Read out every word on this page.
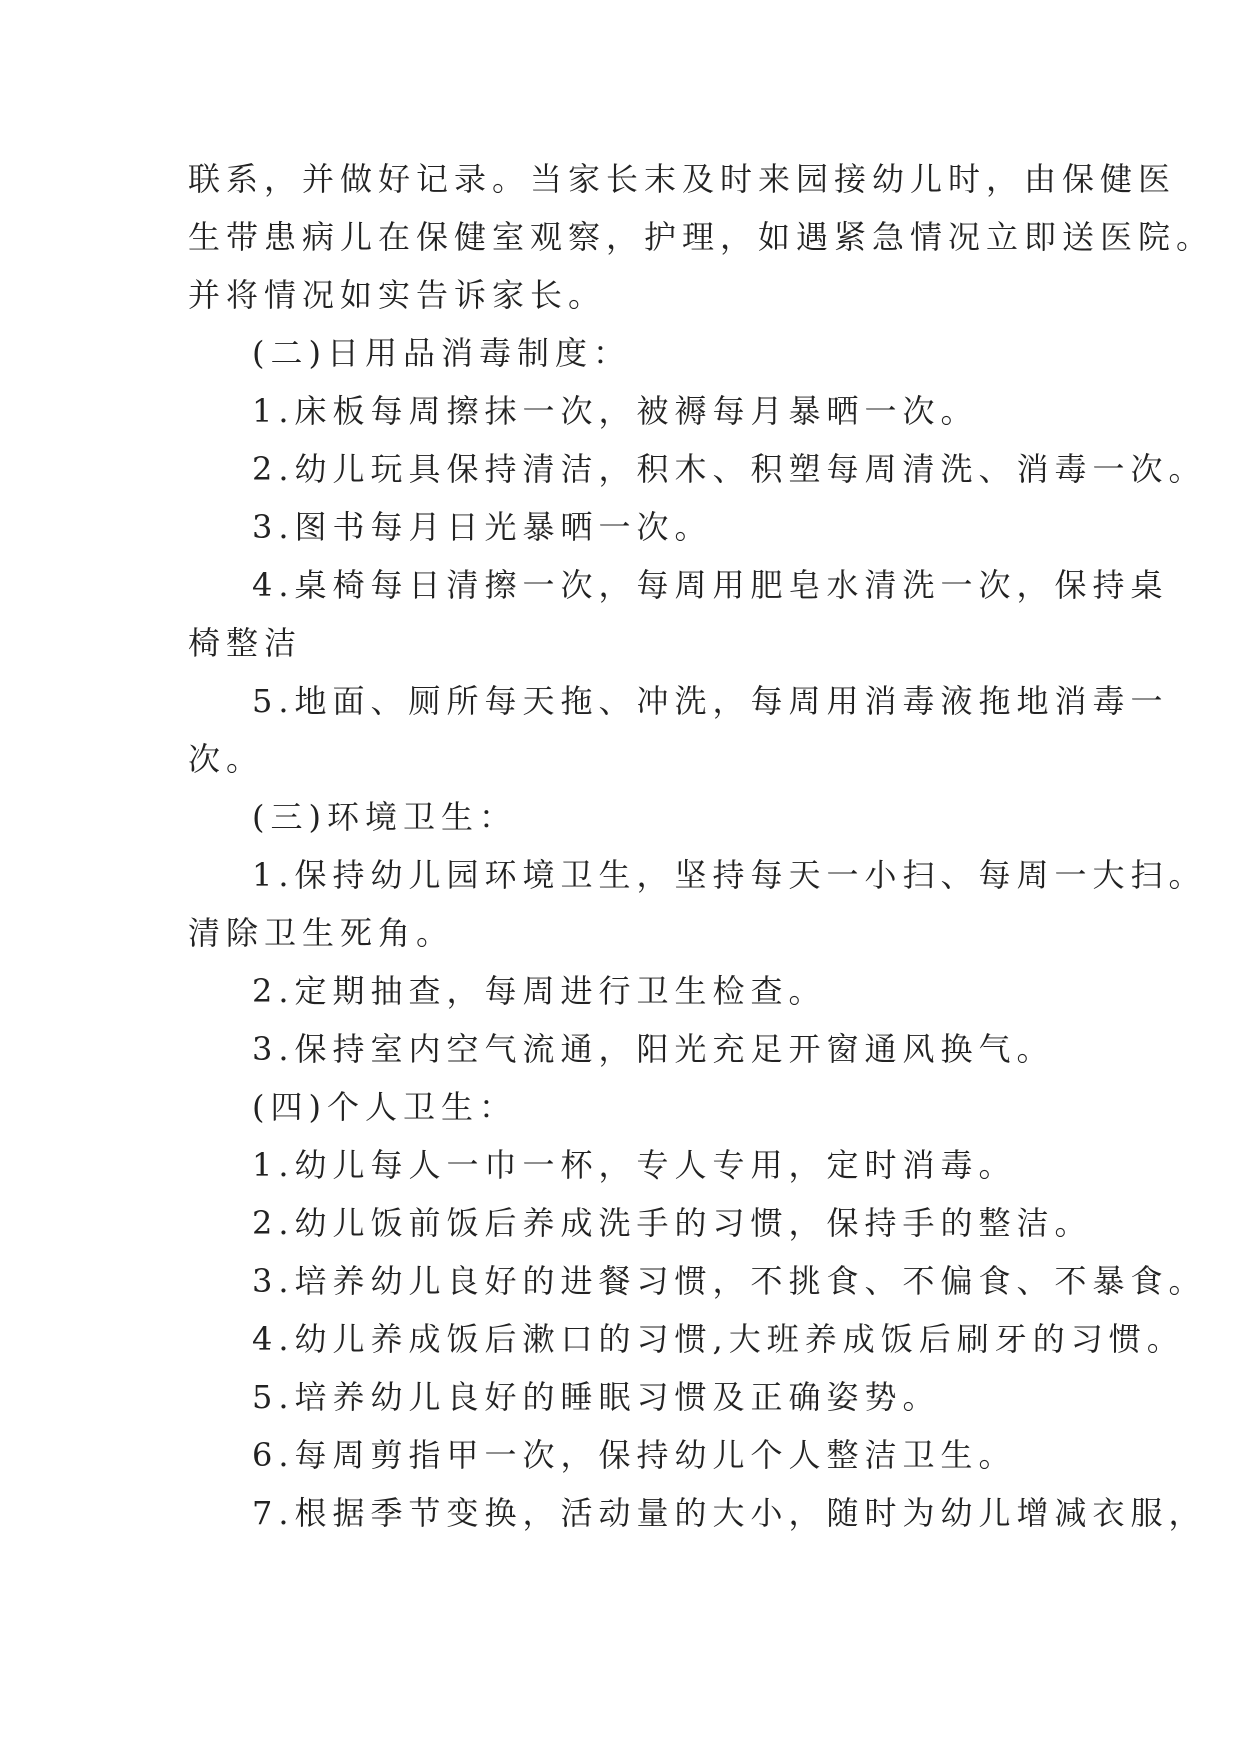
联系，并做好记录。当家长末及时来园接幼儿时，由保健医

生带患病儿在保健室观察，护理，如遇紧急情况立即送医院。

并将情况如实告诉家长。

(二)日用品消毒制度：

1.床板每周擦抹一次，被褥每月暴晒一次。

2.幼儿玩具保持清洁，积木、积塑每周清洗、消毒一次。

3.图书每月日光暴晒一次。

4.桌椅每日清擦一次，每周用肥皂水清洗一次，保持桌

椅整洁

5.地面、厕所每天拖、冲洗，每周用消毒液拖地消毒一

次。

(三)环境卫生：

1.保持幼儿园环境卫生，坚持每天一小扫、每周一大扫。

清除卫生死角。

2.定期抽查，每周进行卫生检查。

3.保持室内空气流通，阳光充足开窗通风换气。

(四)个人卫生：

1.幼儿每人一巾一杯，专人专用，定时消毒。

2.幼儿饭前饭后养成洗手的习惯，保持手的整洁。

3.培养幼儿良好的进餐习惯，不挑食、不偏食、不暴食。

4.幼儿养成饭后漱口的习惯,大班养成饭后刷牙的习惯。

5.培养幼儿良好的睡眠习惯及正确姿势。

6.每周剪指甲一次，保持幼儿个人整洁卫生。

7.根据季节变换，活动量的大小，随时为幼儿增减衣服，
